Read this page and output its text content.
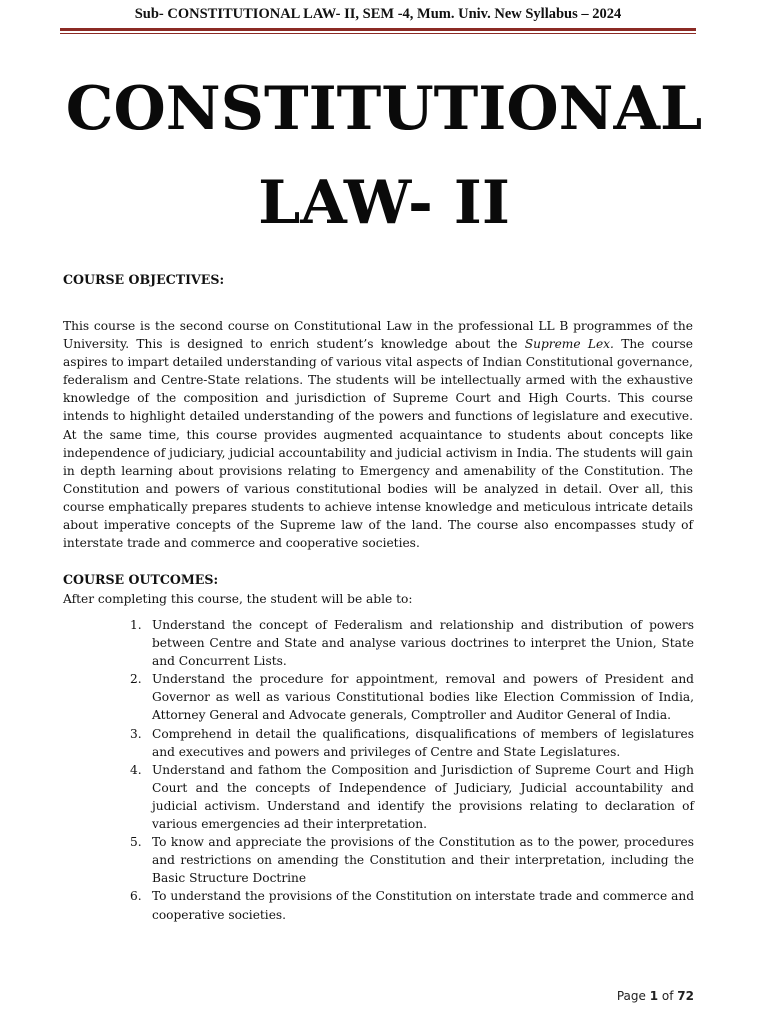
Sub- CONSTITUTIONAL LAW- II, SEM -4, Mum. Univ. New Syllabus – 2024
CONSTITUTIONAL
LAW- II
COURSE OBJECTIVES:

This course is the second course on Constitutional Law in the professional LL B programmes of the University. This is designed to enrich student’s knowledge about the Supreme Lex. The course aspires to impart detailed understanding of various vital aspects of Indian Constitutional governance, federalism and Centre-State relations. The students will be intellectually armed with the exhaustive knowledge of the composition and jurisdiction of Supreme Court and High Courts. This course intends to highlight detailed understanding of the powers and functions of legislature and executive. At the same time, this course provides augmented acquaintance to students about concepts like independence of judiciary, judicial accountability and judicial activism in India. The students will gain in depth learning about provisions relating to Emergency and amenability of the Constitution. The Constitution and powers of various constitutional bodies will be analyzed in detail. Over all, this course emphatically prepares students to achieve intense knowledge and meticulous intricate details about imperative concepts of the Supreme law of the land. The course also encompasses study of interstate trade and commerce and cooperative societies.

COURSE OUTCOMES:

After completing this course, the student will be able to:

1. Understand the concept of Federalism and relationship and distribution of powers between Centre and State and analyse various doctrines to interpret the Union, State and Concurrent Lists.
2. Understand the procedure for appointment, removal and powers of President and Governor as well as various Constitutional bodies like Election Commission of India, Attorney General and Advocate generals, Comptroller and Auditor General of India.
3. Comprehend in detail the qualifications, disqualifications of members of legislatures and executives and powers and privileges of Centre and State Legislatures.
4. Understand and fathom the Composition and Jurisdiction of Supreme Court and High Court and the concepts of Independence of Judiciary, Judicial accountability and judicial activism. Understand and identify the provisions relating to declaration of various emergencies ad their interpretation.
5. To know and appreciate the provisions of the Constitution as to the power, procedures and restrictions on amending the Constitution and their interpretation, including the Basic Structure Doctrine
6. To understand the provisions of the Constitution on interstate trade and commerce and cooperative societies.
Page 1 of 72
